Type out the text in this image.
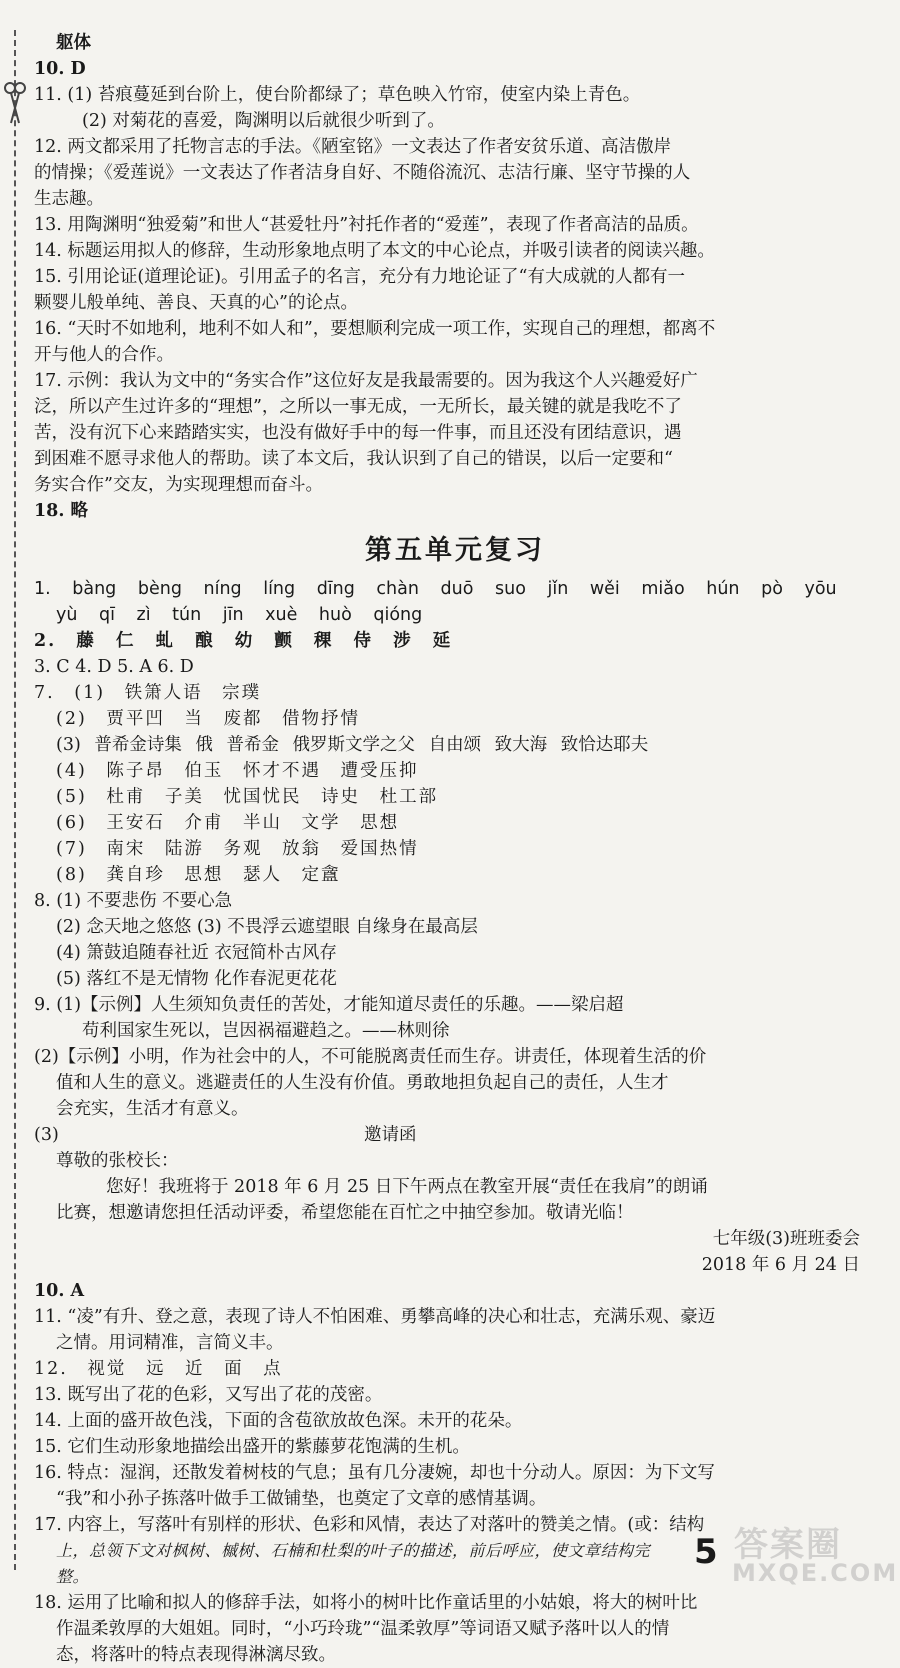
躯体
10. D
11. (1) 苔痕蔓延到台阶上，使台阶都绿了；草色映入竹帘，使室内染上青色。
(2) 对菊花的喜爱，陶渊明以后就很少听到了。
12. 两文都采用了托物言志的手法。《陋室铭》一文表达了作者安贫乐道、高洁傲岸
的情操；《爱莲说》一文表达了作者洁身自好、不随俗流沉、志洁行廉、坚守节操的人
生志趣。
13. 用陶渊明“独爱菊”和世人“甚爱牡丹”衬托作者的“爱莲”，表现了作者高洁的品质。
14. 标题运用拟人的修辞，生动形象地点明了本文的中心论点，并吸引读者的阅读兴趣。
15. 引用论证(道理论证)。引用孟子的名言，充分有力地论证了“有大成就的人都有一
颗婴儿般单纯、善良、天真的心”的论点。
16. “天时不如地利，地利不如人和”，要想顺利完成一项工作，实现自己的理想，都离不
开与他人的合作。
17. 示例：我认为文中的“务实合作”这位好友是我最需要的。因为我这个人兴趣爱好广
泛，所以产生过许多的“理想”，之所以一事无成，一无所长，最关键的就是我吃不了
苦，没有沉下心来踏踏实实，也没有做好手中的每一件事，而且还没有团结意识，遇
到困难不愿寻求他人的帮助。读了本文后，我认识到了自己的错误，以后一定要和“
务实合作”交友，为实现理想而奋斗。
18. 略
第五单元复习
1. bàng bèng níng líng dīng chàn duō suo jǐn wěi miǎo hún pò yōu
yù qī zì tún jīn xuè huò qióng
2. 藤 仁 虬 酿 幼 颤 稞 侍 涉 延
3. C 4. D 5. A 6. D
7. (1) 铁箫人语 宗璞
(2) 贾平凹 当 废都 借物抒情
(3) 普希金诗集 俄 普希金 俄罗斯文学之父 自由颂 致大海 致恰达耶夫
(4) 陈子昂 伯玉 怀才不遇 遭受压抑
(5) 杜甫 子美 忧国忧民 诗史 杜工部
(6) 王安石 介甫 半山 文学 思想
(7) 南宋 陆游 务观 放翁 爱国热情
(8) 龚自珍 思想 瑟人 定盦
8. (1) 不要悲伤 不要心急
(2) 念天地之悠悠 (3) 不畏浮云遮望眼 自缘身在最高层
(4) 箫鼓追随春社近 衣冠简朴古风存
(5) 落红不是无情物 化作春泥更花花
9. (1)【示例】人生须知负责任的苦处，才能知道尽责任的乐趣。——梁启超
苟利国家生死以，岂因祸福避趋之。——林则徐
(2)【示例】小明，作为社会中的人，不可能脱离责任而生存。讲责任，体现着生活的价
值和人生的意义。逃避责任的人生没有价值。勇敢地担负起自己的责任，人生才
会充实，生活才有意义。
(3)	邀请函
尊敬的张校长：
您好！我班将于 2018 年 6 月 25 日下午两点在教室开展“责任在我肩”的朗诵
比赛，想邀请您担任活动评委，希望您能在百忙之中抽空参加。敬请光临！
七年级(3)班班委会
2018 年 6 月 24 日
10. A
11. “凌”有升、登之意，表现了诗人不怕困难、勇攀高峰的决心和壮志，充满乐观、豪迈
之情。用词精准，言简义丰。
12. 视觉 远 近 面 点
13. 既写出了花的色彩，又写出了花的茂密。
14. 上面的盛开故色浅，下面的含苞欲放故色深。未开的花朵。
15. 它们生动形象地描绘出盛开的紫藤萝花饱满的生机。
16. 特点：湿润，还散发着树枝的气息；虽有几分凄婉，却也十分动人。原因：为下文写
“我”和小孙子拣落叶做手工做铺垫，也奠定了文章的感情基调。
17. 内容上，写落叶有别样的形状、色彩和风情，表达了对落叶的赞美之情。(或：结构
上，总领下文对枫树、槭树、石楠和杜梨的叶子的描述，前后呼应，使文章结构完
整。
18. 运用了比喻和拟人的修辞手法，如将小的树叶比作童话里的小姑娘，将大的树叶比
作温柔敦厚的大姐姐。同时，“小巧玲珑”“温柔敦厚”等词语又赋予落叶以人的情
态，将落叶的特点表现得淋漓尽致。
5 答案圈
MXQE.COM
